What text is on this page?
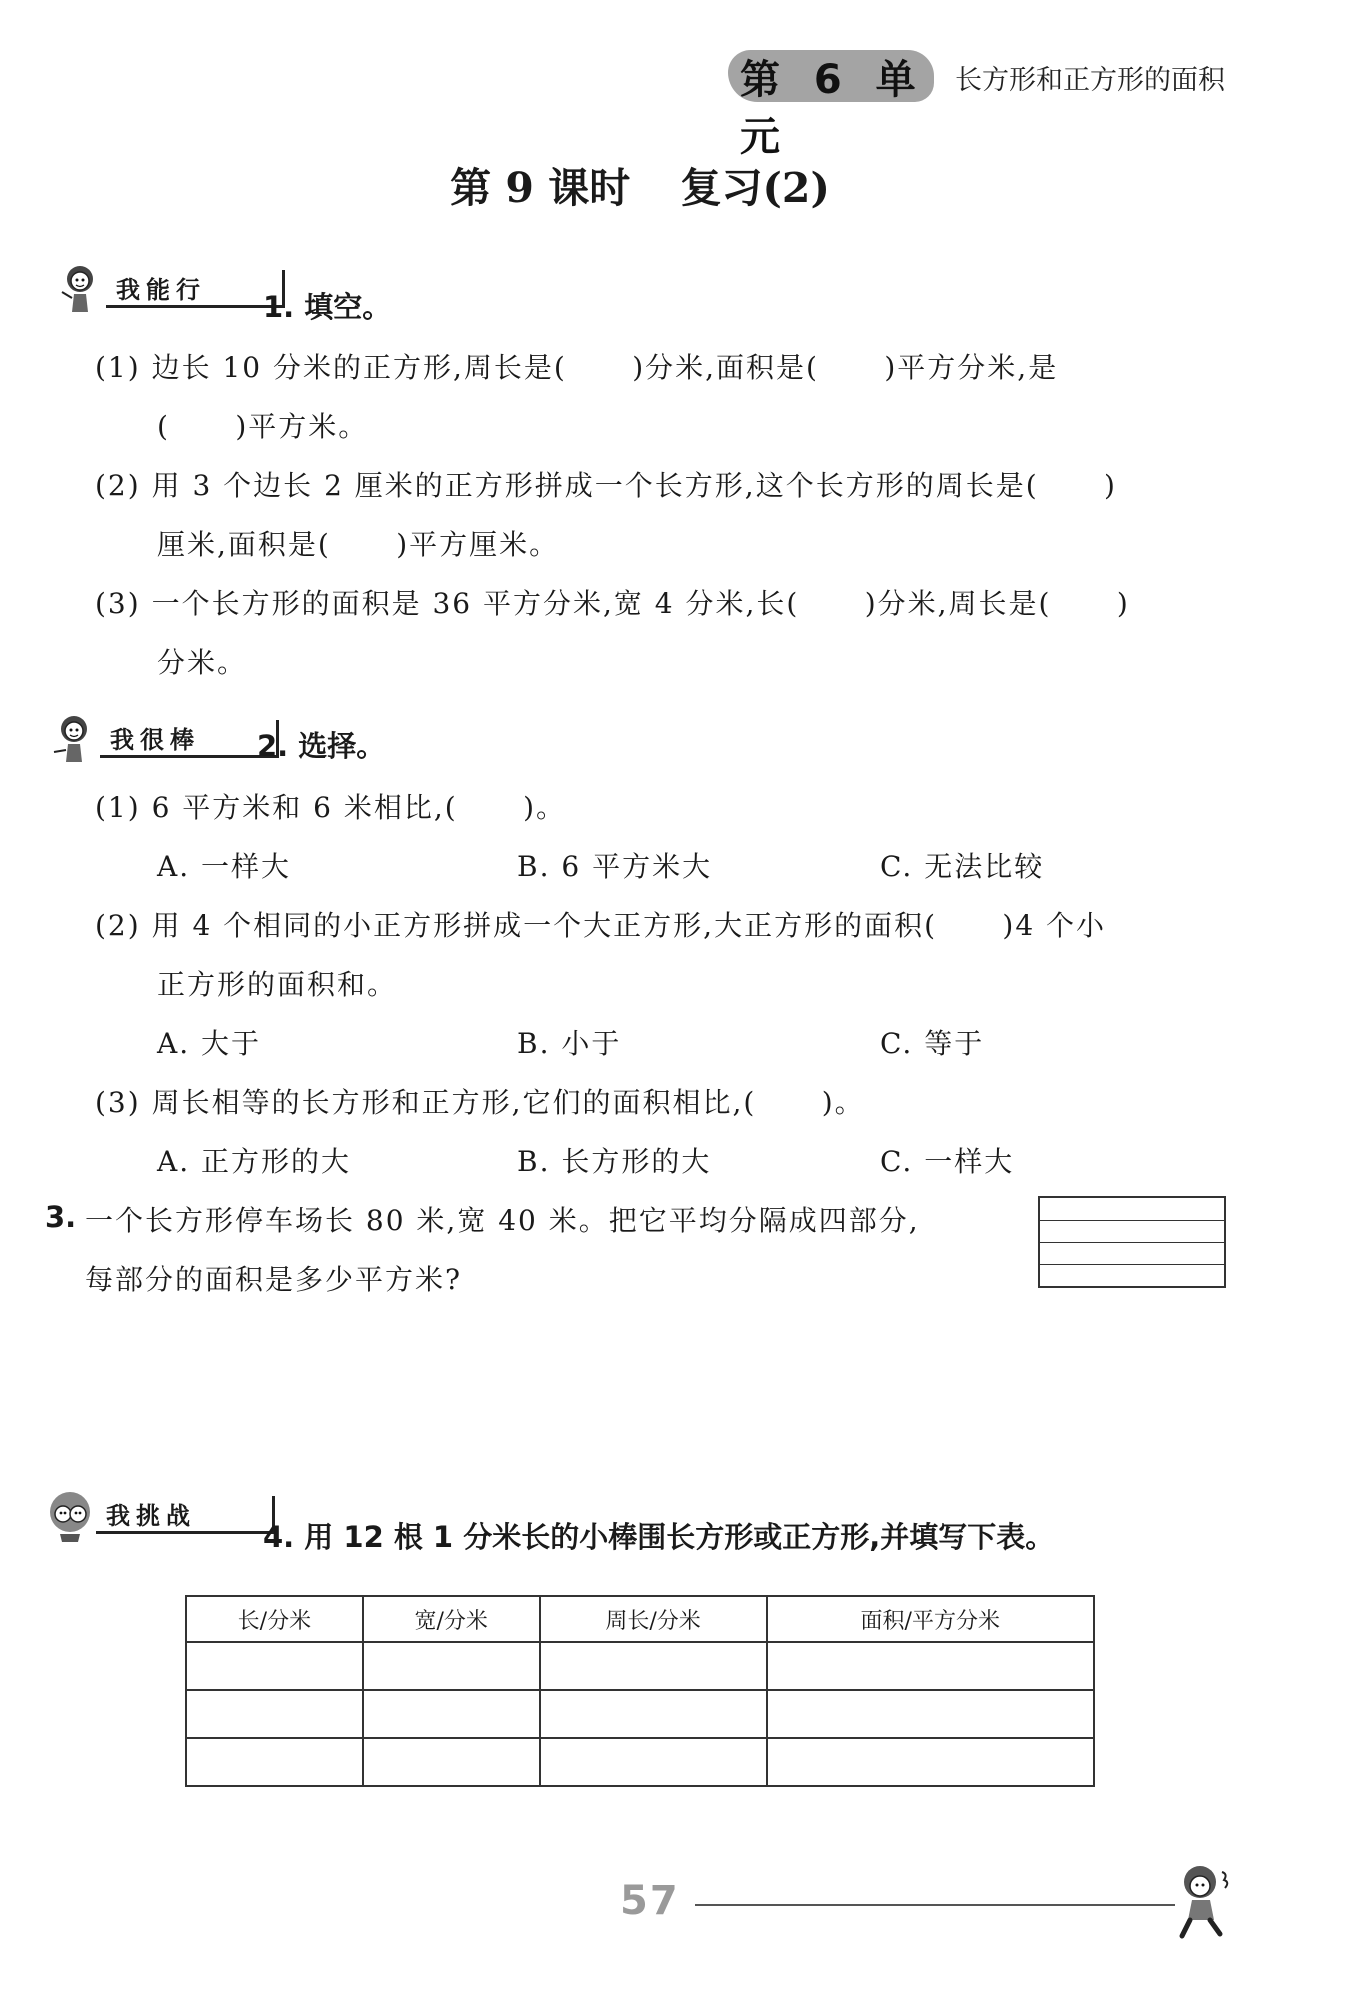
第 6 单元
长方形和正方形的面积
第 9 课时 复习(2)
我能行	1. 填空。
(1) 边长 10 分米的正方形,周长是(      )分米,面积是(      )平方分米,是
(      )平方米。
(2) 用 3 个边长 2 厘米的正方形拼成一个长方形,这个长方形的周长是(      )
厘米,面积是(      )平方厘米。
(3) 一个长方形的面积是 36 平方分米,宽 4 分米,长(      )分米,周长是(      )
分米。
我很棒	2. 选择。
(1) 6 平方米和 6 米相比,(      )。
A. 一样大	B. 6 平方米大	C. 无法比较
(2) 用 4 个相同的小正方形拼成一个大正方形,大正方形的面积(      )4 个小
正方形的面积和。
A. 大于	B. 小于	C. 等于
(3) 周长相等的长方形和正方形,它们的面积相比,(      )。
A. 正方形的大	B. 长方形的大	C. 一样大
3. 一个长方形停车场长 80 米,宽 40 米。把它平均分隔成四部分,
每部分的面积是多少平方米?
我挑战
4. 用 12 根 1 分米长的小棒围长方形或正方形,并填写下表。
长/分米	宽/分米	周长/分米	面积/平方分米

57
